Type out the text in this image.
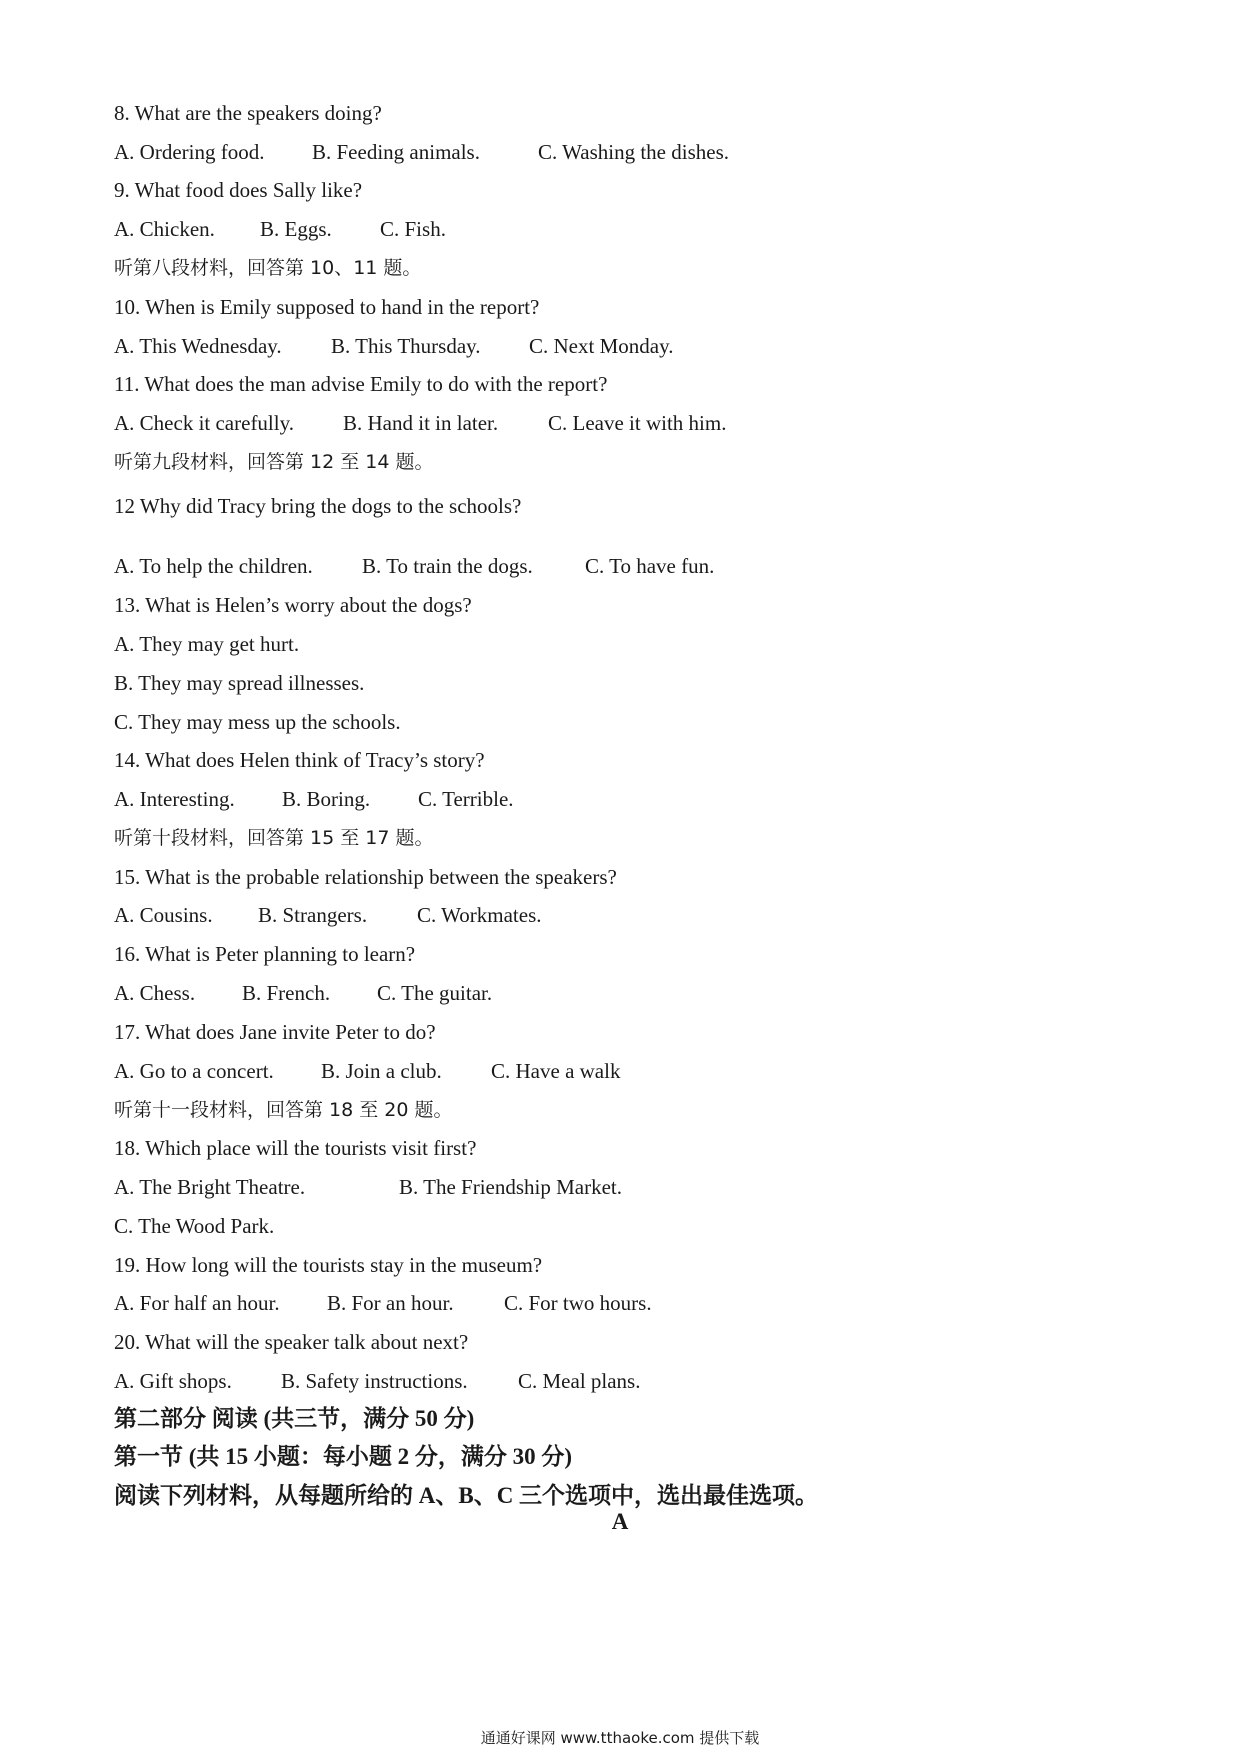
8. What are the speakers doing?
A. Ordering food. B. Feeding animals.	C. Washing the dishes.
9. What food does Sally like?
A. Chicken. B. Eggs. C. Fish.
听第八段材料，回答第 10、11 题。
10. When is Emily supposed to hand in the report?
A. This Wednesday. B. This Thursday. C. Next Monday.
11. What does the man advise Emily to do with the report?
A. Check it carefully. B. Hand it in later. C. Leave it with him.
听第九段材料，回答第 12 至 14 题。
12 Why did Tracy bring the dogs to the schools?
A. To help the children. B. To train the dogs. C. To have fun.
13. What is Helen’s worry about the dogs?
A. They may get hurt.
B. They may spread illnesses.
C. They may mess up the schools.
14. What does Helen think of Tracy’s story?
A. Interesting. B. Boring. C. Terrible.
听第十段材料，回答第 15 至 17 题。
15. What is the probable relationship between the speakers?
A. Cousins. B. Strangers. C. Workmates.
16. What is Peter planning to learn?
A. Chess. B. French. C. The guitar.
17. What does Jane invite Peter to do?
A. Go to a concert. B. Join a club. C. Have a walk
听第十一段材料，回答第 18 至 20 题。
18. Which place will the tourists visit first?
A. The Bright Theatre.	B. The Friendship Market.
C. The Wood Park.
19. How long will the tourists stay in the museum?
A. For half an hour. B. For an hour. C. For two hours.
20. What will the speaker talk about next?
A. Gift shops. B. Safety instructions. C. Meal plans.
第二部分 阅读 (共三节，满分 50 分)
第一节 (共 15 小题：每小题 2 分，满分 30 分)
阅读下列材料，从每题所给的 A、B、C 三个选项中，选出最佳选项。
A
通通好课网 www.tthaoke.com 提供下载
